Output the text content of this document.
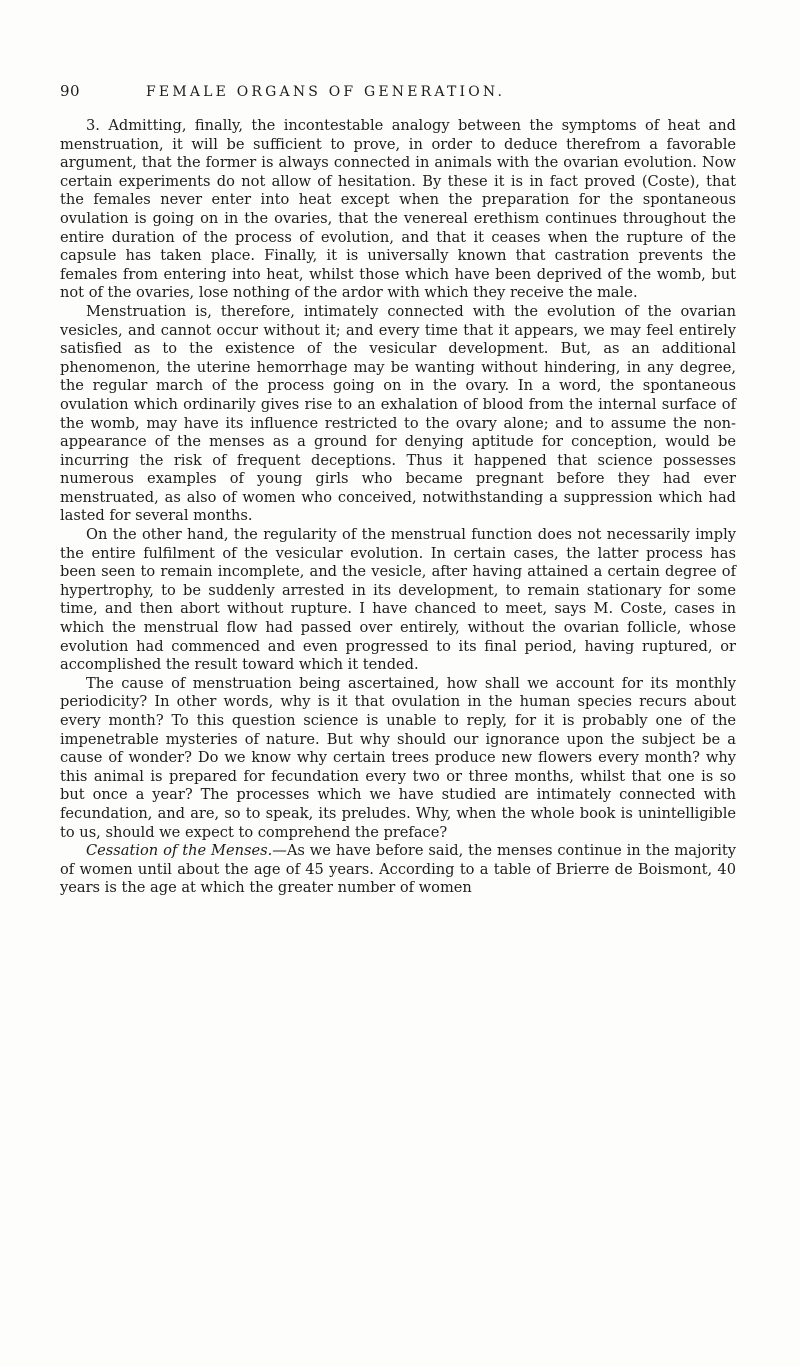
90	FEMALE ORGANS OF GENERATION.

3. Admitting, finally, the incontestable analogy between the symptoms of heat and menstruation, it will be sufficient to prove, in order to deduce therefrom a favorable argument, that the former is always connected in animals with the ovarian evolution. Now certain experiments do not allow of hesitation. By these it is in fact proved (Coste), that the females never enter into heat except when the preparation for the spontaneous ovulation is going on in the ovaries, that the venereal erethism continues throughout the entire duration of the process of evolution, and that it ceases when the rupture of the capsule has taken place. Finally, it is universally known that castration prevents the females from entering into heat, whilst those which have been deprived of the womb, but not of the ovaries, lose nothing of the ardor with which they receive the male.

Menstruation is, therefore, intimately connected with the evolution of the ovarian vesicles, and cannot occur without it; and every time that it appears, we may feel entirely satisfied as to the existence of the vesicular development. But, as an additional phenomenon, the uterine hemorrhage may be wanting without hindering, in any degree, the regular march of the process going on in the ovary. In a word, the spontaneous ovulation which ordinarily gives rise to an exhalation of blood from the internal surface of the womb, may have its influence restricted to the ovary alone; and to assume the non-appearance of the menses as a ground for denying aptitude for conception, would be incurring the risk of frequent deceptions. Thus it happened that science possesses numerous examples of young girls who became pregnant before they had ever menstruated, as also of women who conceived, notwithstanding a suppression which had lasted for several months.

On the other hand, the regularity of the menstrual function does not necessarily imply the entire fulfilment of the vesicular evolution. In certain cases, the latter process has been seen to remain incomplete, and the vesicle, after having attained a certain degree of hypertrophy, to be suddenly arrested in its development, to remain stationary for some time, and then abort without rupture. I have chanced to meet, says M. Coste, cases in which the menstrual flow had passed over entirely, without the ovarian follicle, whose evolution had commenced and even progressed to its final period, having ruptured, or accomplished the result toward which it tended.

The cause of menstruation being ascertained, how shall we account for its monthly periodicity? In other words, why is it that ovulation in the human species recurs about every month? To this question science is unable to reply, for it is probably one of the impenetrable mysteries of nature. But why should our ignorance upon the subject be a cause of wonder? Do we know why certain trees produce new flowers every month? why this animal is prepared for fecundation every two or three months, whilst that one is so but once a year? The processes which we have studied are intimately connected with fecundation, and are, so to speak, its preludes. Why, when the whole book is unintelligible to us, should we expect to comprehend the preface?

Cessation of the Menses.—As we have before said, the menses continue in the majority of women until about the age of 45 years. According to a table of Brierre de Boismont, 40 years is the age at which the greater number of women
